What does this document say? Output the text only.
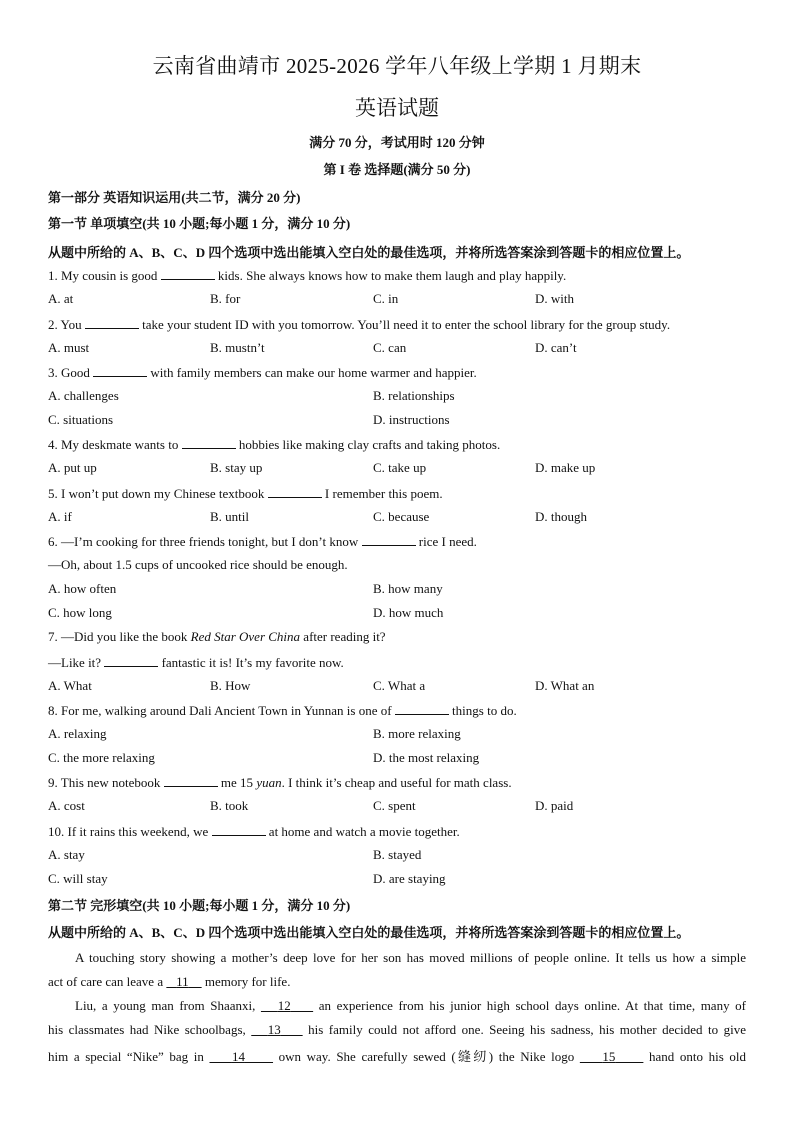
云南省曲靖市 2025-2026 学年八年级上学期 1 月期末
英语试题
满分 70 分，考试用时 120 分钟
第 I 卷 选择题(满分 50 分)
第一部分 英语知识运用(共二节，满分 20 分)
第一节 单项填空(共 10 小题;每小题 1 分，满分 10 分)
从题中所给的 A、B、C、D 四个选项中选出能填入空白处的最佳选项，并将所选答案涂到答题卡的相应位置上。
1. My cousin is good	kids. She always knows how to make them laugh and play happily.
A. at	B. for	C. in	D. with
2. You	take your student ID with you tomorrow. You’ll need it to enter the school library for the group study.
A. must	B. mustn’t	C. can	D. can’t
3. Good	with family members can make our home warmer and happier.
A. challenges	B. relationships
C. situations	D. instructions
4. My deskmate wants to	hobbies like making clay crafts and taking photos.
A. put up	B. stay up	C. take up	D. make up
5. I won’t put down my Chinese textbook	I remember this poem.
A. if	B. until	C. because	D. though
6. —I’m cooking for three friends tonight, but I don’t know	rice I need.
—Oh, about 1.5 cups of uncooked rice should be enough.
A. how often	B. how many
C. how long	D. how much
7. —Did you like the book Red Star Over China after reading it?
—Like it?	fantastic it is! It’s my favorite now.
A. What	B. How	C. What a	D. What an
8. For me, walking around Dali Ancient Town in Yunnan is one of	things to do.
A. relaxing	B. more relaxing
C. the more relaxing	D. the most relaxing
9. This new notebook	me 15 yuan. I think it’s cheap and useful for math class.
A. cost	B. took	C. spent	D. paid
10. If it rains this weekend, we	at home and watch a movie together.
A. stay	B. stayed
C. will stay	D. are staying
第二节 完形填空(共 10 小题;每小题 1 分，满分 10 分)
从题中所给的 A、B、C、D 四个选项中选出能填入空白处的最佳选项，并将所选答案涂到答题卡的相应位置上。
A touching story showing a mother’s deep love for her son has moved millions of people online. It tells us how a simple
act of care can leave a    11     memory for life.
Liu, a young man from Shaanxi,    12     an experience from his junior high school days online. At that time, many of
his classmates had Nike schoolbags,    13     his family could not afford one. Seeing his sadness, his mother decided to give
him a special “Nike” bag in     14      own way. She carefully sewed (缝纫) the Nike logo     15      hand onto his old
